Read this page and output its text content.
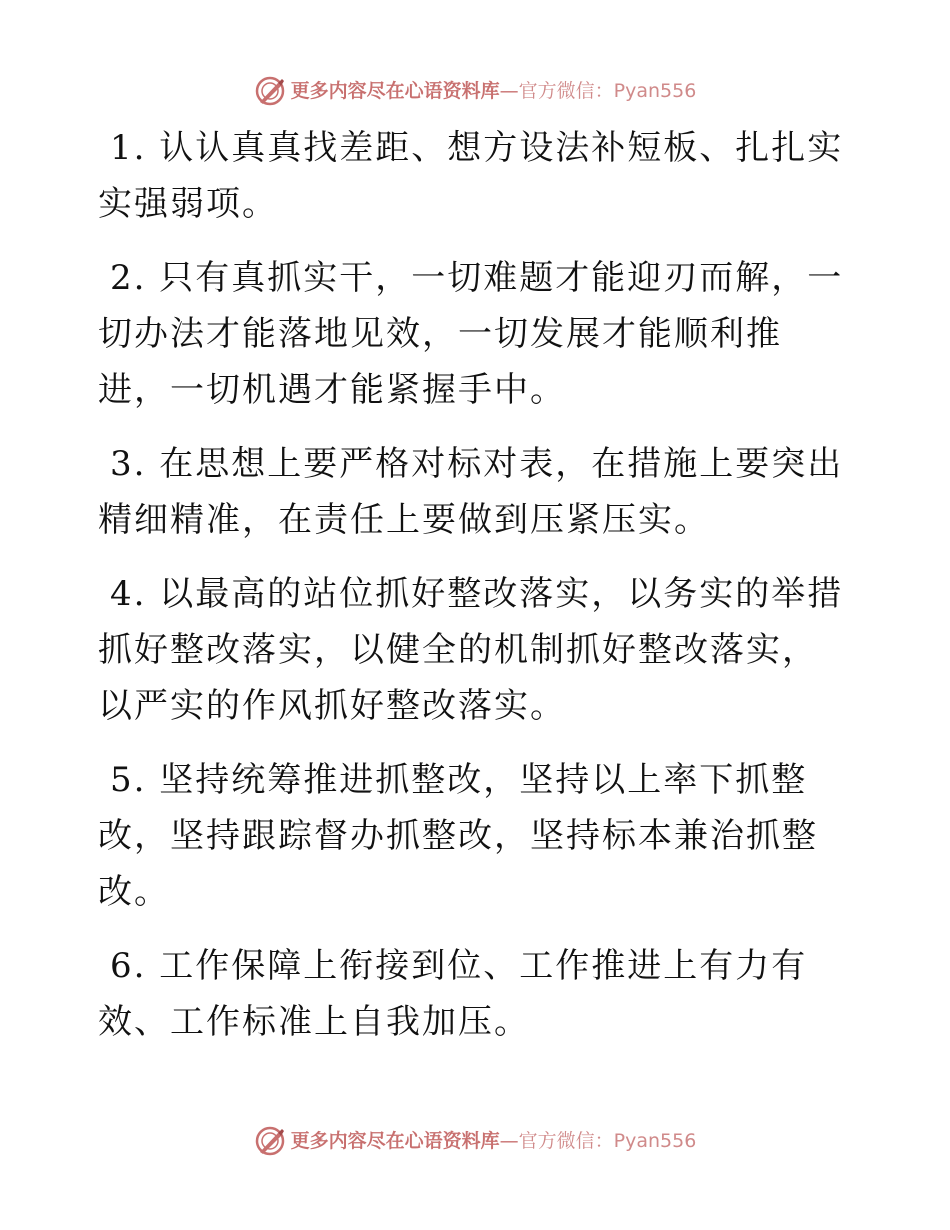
更多内容尽在心语资料库 — 官方微信：Pyan556

1. 认认真真找差距、想方设法补短板、扎扎实实强弱项。

2. 只有真抓实干，一切难题才能迎刃而解，一切办法才能落地见效，一切发展才能顺利推进，一切机遇才能紧握手中。

3. 在思想上要严格对标对表，在措施上要突出精细精准，在责任上要做到压紧压实。

4. 以最高的站位抓好整改落实，以务实的举措抓好整改落实，以健全的机制抓好整改落实，以严实的作风抓好整改落实。

5. 坚持统筹推进抓整改，坚持以上率下抓整改，坚持跟踪督办抓整改，坚持标本兼治抓整改。

6. 工作保障上衔接到位、工作推进上有力有效、工作标准上自我加压。

更多内容尽在心语资料库 — 官方微信：Pyan556
